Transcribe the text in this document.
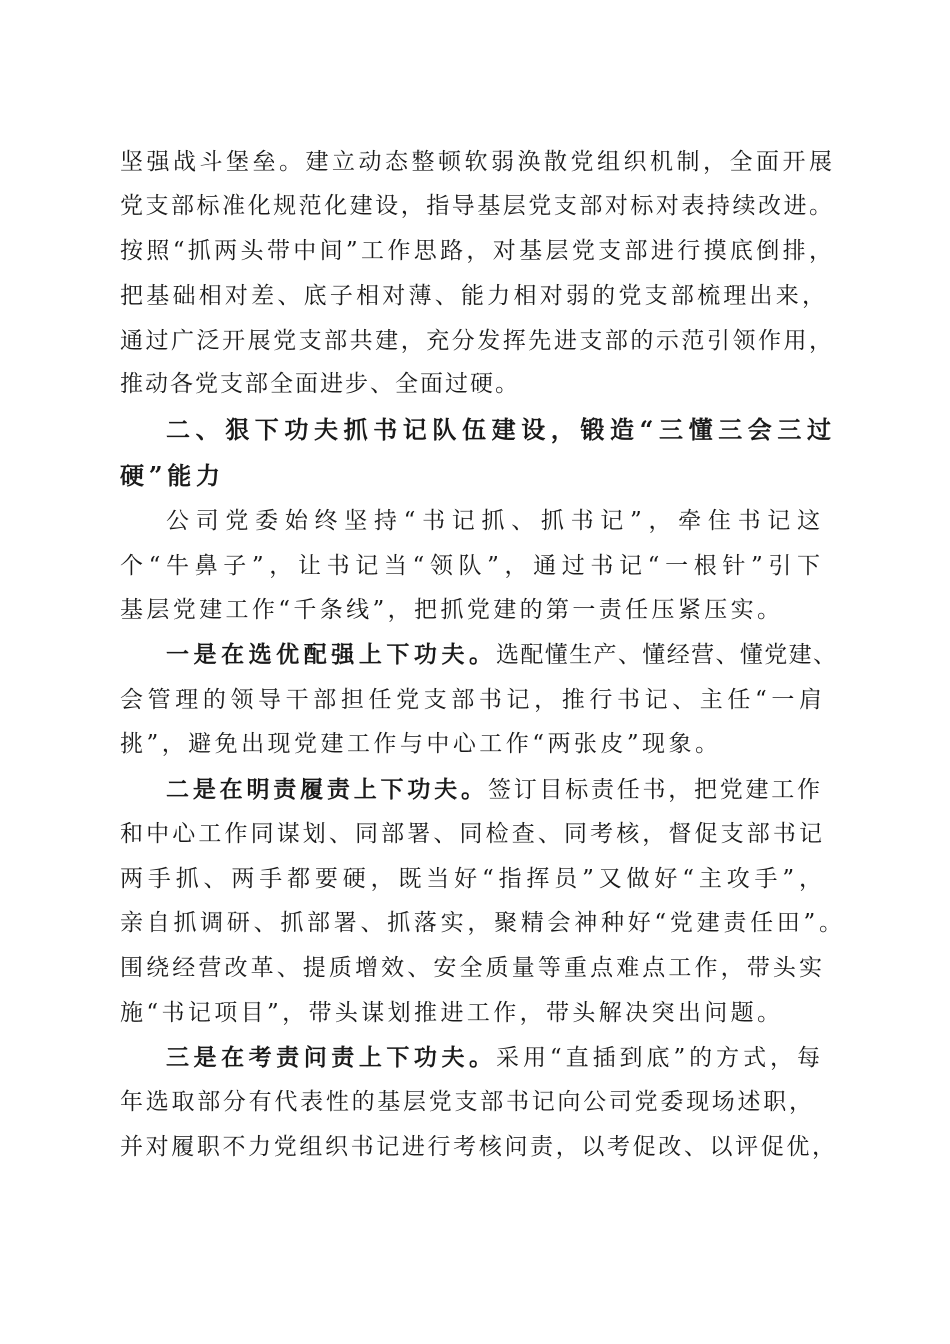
坚强战斗堡垒。建立动态整顿软弱涣散党组织机制，全面开展
党支部标准化规范化建设，指导基层党支部对标对表持续改进。
按照“抓两头带中间”工作思路，对基层党支部进行摸底倒排，
把基础相对差、底子相对薄、能力相对弱的党支部梳理出来，
通过广泛开展党支部共建，充分发挥先进支部的示范引领作用，
推动各党支部全面进步、全面过硬。
二、狠下功夫抓书记队伍建设，锻造“三懂三会三过
硬”能力
公司党委始终坚持“书记抓、抓书记”，牵住书记这
个“牛鼻子”，让书记当“领队”，通过书记“一根针”引下
基层党建工作“千条线”，把抓党建的第一责任压紧压实。
一是在选优配强上下功夫。 选配懂生产、懂经营、懂党建、
会管理的领导干部担任党支部书记，推行书记、主任“一肩
挑”，避免出现党建工作与中心工作“两张皮”现象。
二是在明责履责上下功夫。 签订目标责任书，把党建工作
和中心工作同谋划、同部署、同检查、同考核，督促支部书记
两手抓、两手都要硬，既当好“指挥员”又做好“主攻手”，
亲自抓调研、抓部署、抓落实，聚精会神种好“党建责任田”。
围绕经营改革、提质增效、安全质量等重点难点工作，带头实
施“书记项目”，带头谋划推进工作，带头解决突出问题。
三是在考责问责上下功夫。 采用“直插到底”的方式，每
年选取部分有代表性的基层党支部书记向公司党委现场述职，
并对履职不力党组织书记进行考核问责，以考促改、以评促优，
